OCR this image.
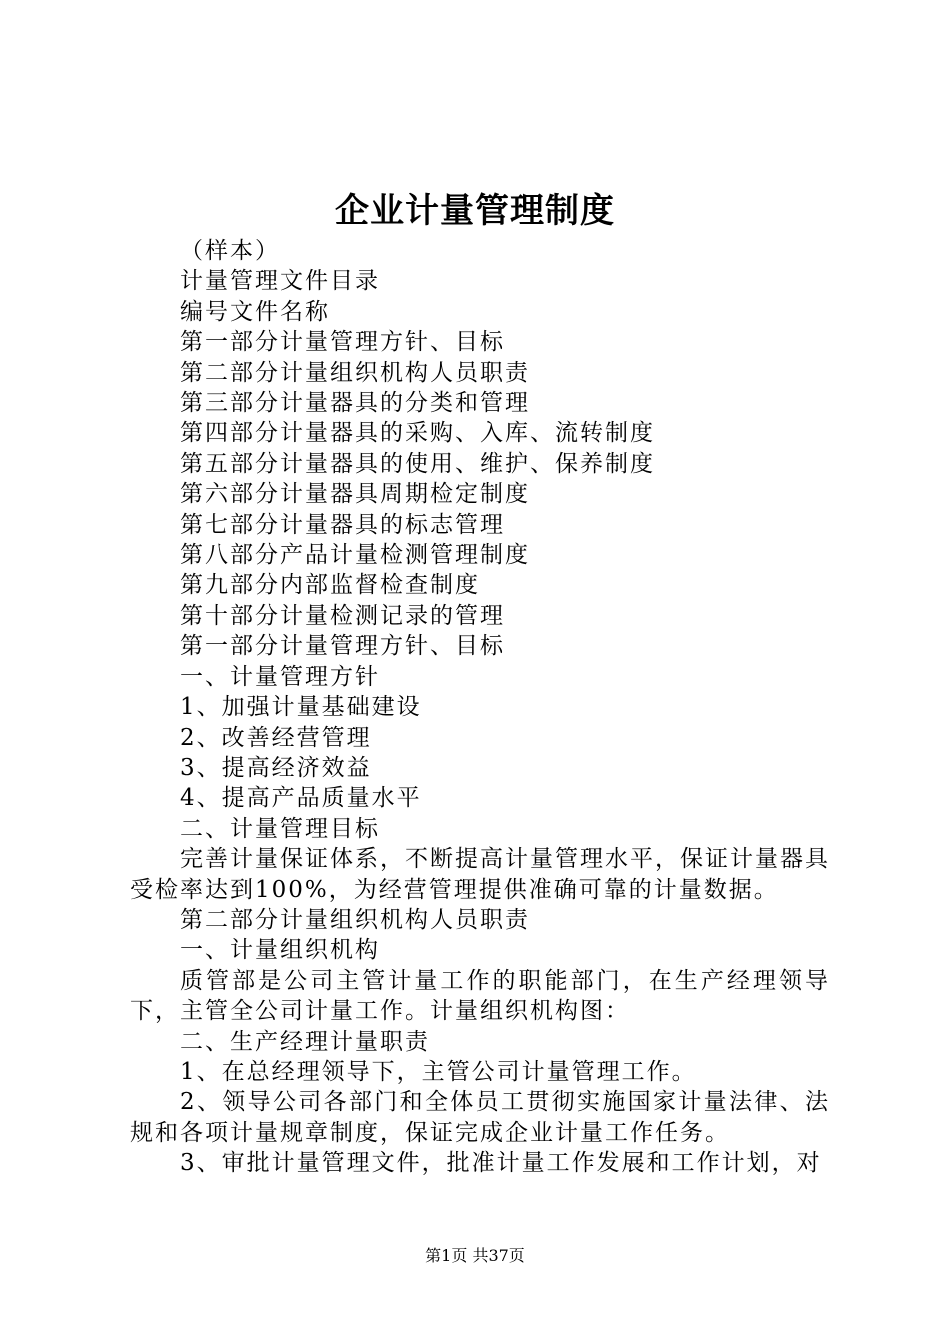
企业计量管理制度

（样本）

计量管理文件目录

编号文件名称

第一部分计量管理方针、目标

第二部分计量组织机构人员职责

第三部分计量器具的分类和管理

第四部分计量器具的采购、入库、流转制度

第五部分计量器具的使用、维护、保养制度

第六部分计量器具周期检定制度

第七部分计量器具的标志管理

第八部分产品计量检测管理制度

第九部分内部监督检查制度

第十部分计量检测记录的管理

第一部分计量管理方针、目标

一、计量管理方针

1、加强计量基础建设

2、改善经营管理

3、提高经济效益

4、提高产品质量水平

二、计量管理目标

完善计量保证体系，不断提高计量管理水平，保证计量器具受检率达到100%，为经营管理提供准确可靠的计量数据。

第二部分计量组织机构人员职责

一、计量组织机构

质管部是公司主管计量工作的职能部门，在生产经理领导下，主管全公司计量工作。计量组织机构图：

二、生产经理计量职责

1、在总经理领导下，主管公司计量管理工作。

2、领导公司各部门和全体员工贯彻实施国家计量法律、法规和各项计量规章制度，保证完成企业计量工作任务。

3、审批计量管理文件，批准计量工作发展和工作计划，对

第1页 共37页
